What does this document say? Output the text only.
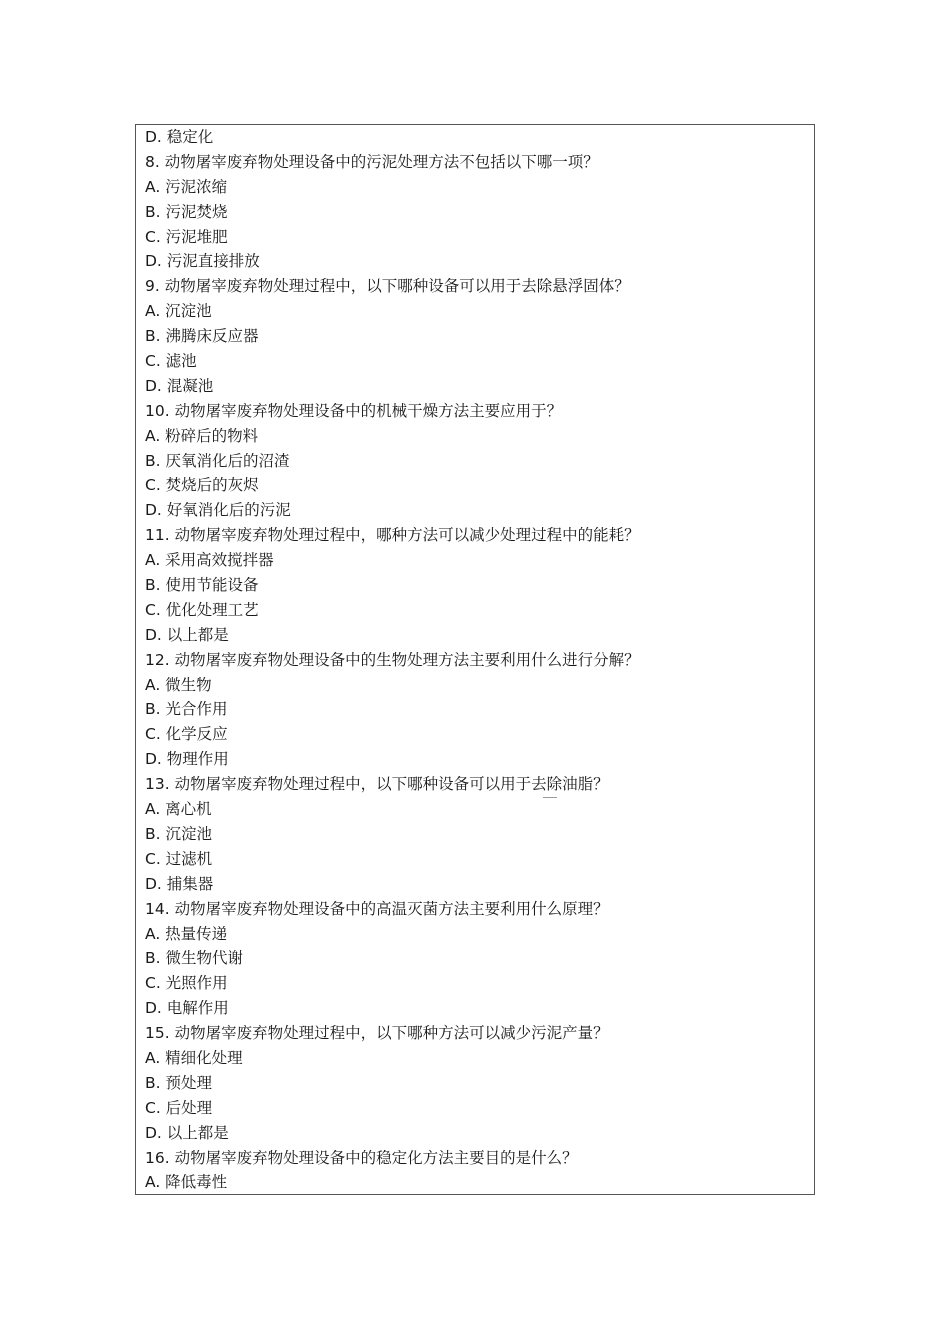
D. 稳定化
8. 动物屠宰废弃物处理设备中的污泥处理方法不包括以下哪一项？
A. 污泥浓缩
B. 污泥焚烧
C. 污泥堆肥
D. 污泥直接排放
9. 动物屠宰废弃物处理过程中，以下哪种设备可以用于去除悬浮固体？
A. 沉淀池
B. 沸腾床反应器
C. 滤池
D. 混凝池
10. 动物屠宰废弃物处理设备中的机械干燥方法主要应用于？
A. 粉碎后的物料
B. 厌氧消化后的沼渣
C. 焚烧后的灰烬
D. 好氧消化后的污泥
11. 动物屠宰废弃物处理过程中，哪种方法可以减少处理过程中的能耗？
A. 采用高效搅拌器
B. 使用节能设备
C. 优化处理工艺
D. 以上都是
12. 动物屠宰废弃物处理设备中的生物处理方法主要利用什么进行分解？
A. 微生物
B. 光合作用
C. 化学反应
D. 物理作用
13. 动物屠宰废弃物处理过程中，以下哪种设备可以用于去除油脂？
A. 离心机
B. 沉淀池
C. 过滤机
D. 捕集器
14. 动物屠宰废弃物处理设备中的高温灭菌方法主要利用什么原理？
A. 热量传递
B. 微生物代谢
C. 光照作用
D. 电解作用
15. 动物屠宰废弃物处理过程中，以下哪种方法可以减少污泥产量？
A. 精细化处理
B. 预处理
C. 后处理
D. 以上都是
16. 动物屠宰废弃物处理设备中的稳定化方法主要目的是什么？
A. 降低毒性
